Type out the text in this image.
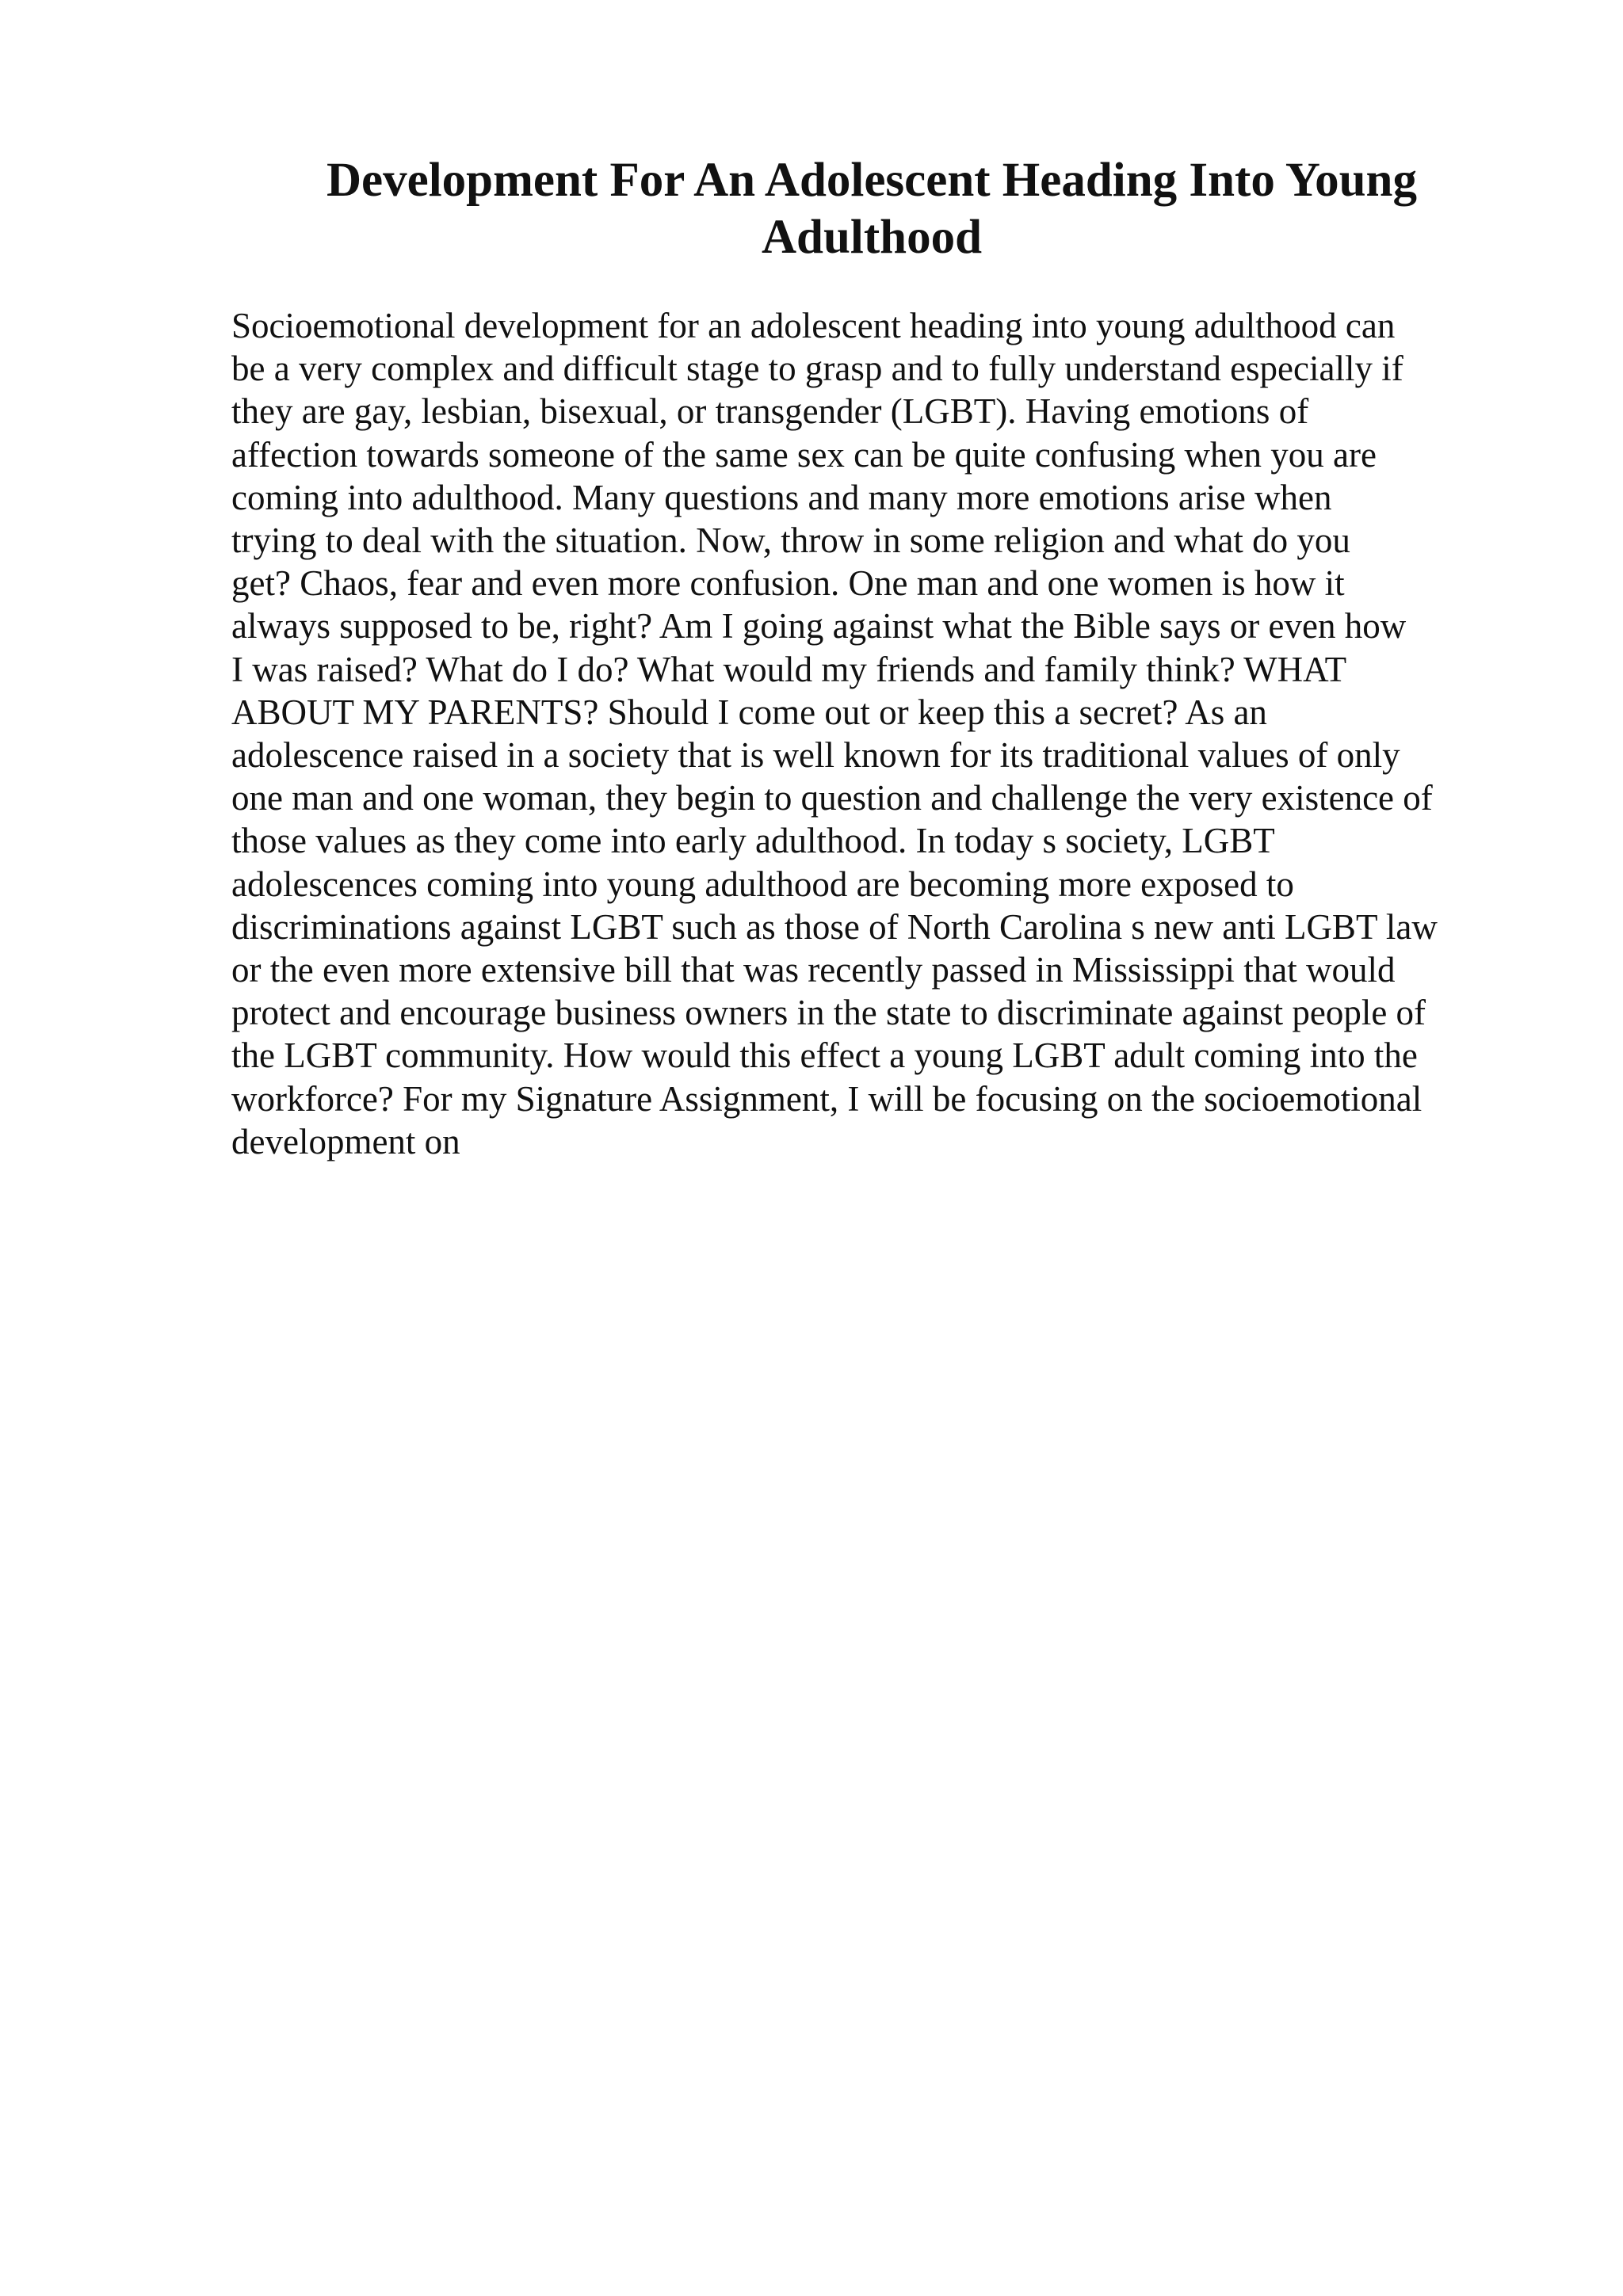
Development For An Adolescent Heading Into Young
Adulthood
Socioemotional development for an adolescent heading into young adulthood can
be a very complex and difficult stage to grasp and to fully understand especially if
they are gay, lesbian, bisexual, or transgender (LGBT). Having emotions of
affection towards someone of the same sex can be quite confusing when you are
coming into adulthood. Many questions and many more emotions arise when
trying to deal with the situation. Now, throw in some religion and what do you
get? Chaos, fear and even more confusion. One man and one women is how it
always supposed to be, right? Am I going against what the Bible says or even how
I was raised? What do I do? What would my friends and family think? WHAT
ABOUT MY PARENTS? Should I come out or keep this a secret? As an
adolescence raised in a society that is well known for its traditional values of only
one man and one woman, they begin to question and challenge the very existence of
those values as they come into early adulthood. In today s society, LGBT
adolescences coming into young adulthood are becoming more exposed to
discriminations against LGBT such as those of North Carolina s new anti LGBT law
or the even more extensive bill that was recently passed in Mississippi that would
protect and encourage business owners in the state to discriminate against people of
the LGBT community. How would this effect a young LGBT adult coming into the
workforce? For my Signature Assignment, I will be focusing on the socioemotional
development on
